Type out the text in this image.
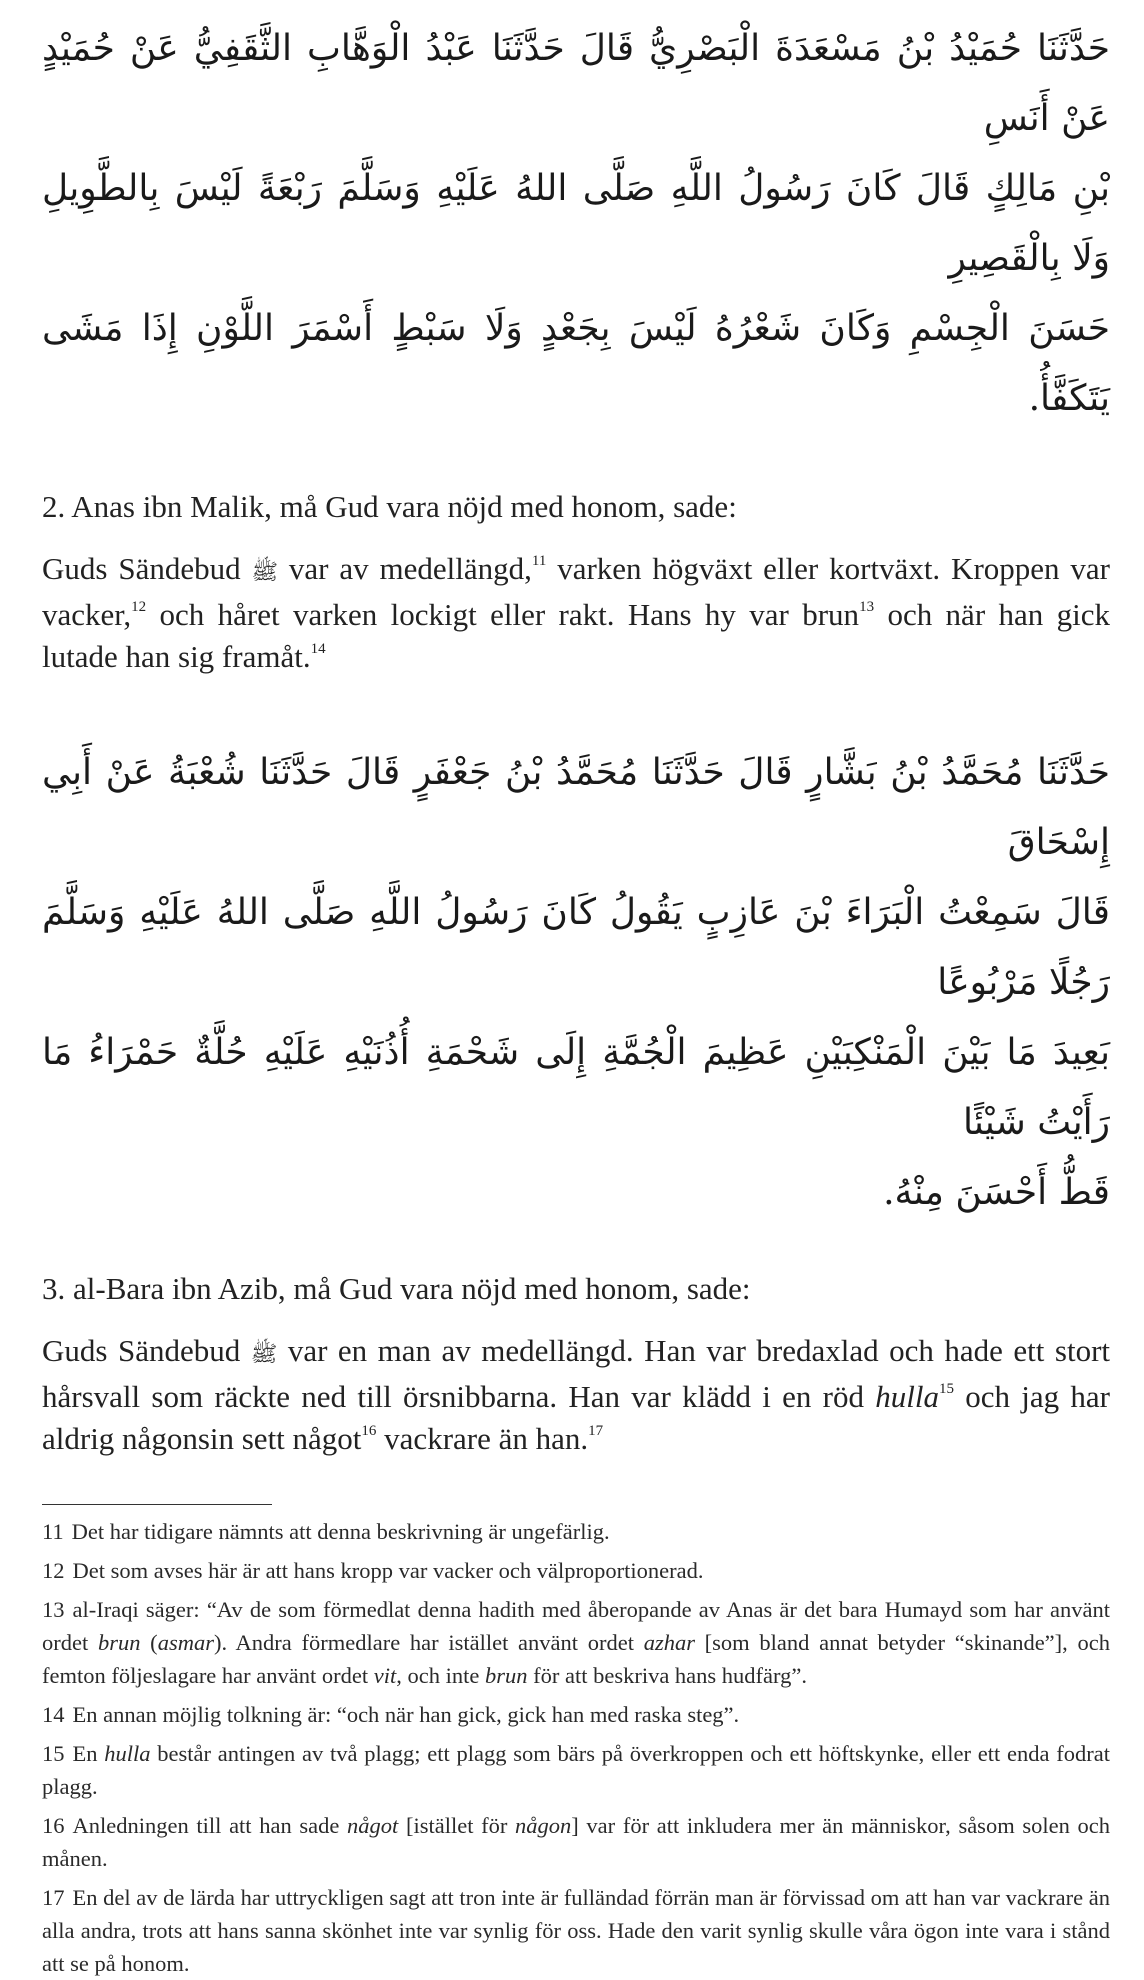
حَدَّثَنَا حُمَيْدُ بْنُ مَسْعَدَةَ الْبَصْرِيُّ قَالَ حَدَّثَنَا عَبْدُ الْوَهَّابِ الثَّقَفِيُّ عَنْ حُمَيْدٍ عَنْ أَنَسِ

بْنِ مَالِكٍ قَالَ كَانَ رَسُولُ اللَّهِ صَلَّى اللهُ عَلَيْهِ وَسَلَّمَ رَبْعَةً لَيْسَ بِالطَّوِيلِ وَلَا بِالْقَصِيرِ

حَسَنَ الْجِسْمِ وَكَانَ شَعْرُهُ لَيْسَ بِجَعْدٍ وَلَا سَبْطٍ أَسْمَرَ اللَّوْنِ إِذَا مَشَى يَتَكَفَّأُ.

2. Anas ibn Malik, må Gud vara nöjd med honom, sade:

Guds Sändebud ﷺ var av medellängd,$^{11}$ varken högväxt eller kortväxt. Kroppen var vacker,$^{12}$ och håret varken lockigt eller rakt. Hans hy var brun$^{13}$ och när han gick lutade han sig framåt.$^{14}$

حَدَّثَنَا مُحَمَّدُ بْنُ بَشَّارٍ قَالَ حَدَّثَنَا مُحَمَّدُ بْنُ جَعْفَرٍ قَالَ حَدَّثَنَا شُعْبَةُ عَنْ أَبِي إِسْحَاقَ

قَالَ سَمِعْتُ الْبَرَاءَ بْنَ عَازِبٍ يَقُولُ كَانَ رَسُولُ اللَّهِ صَلَّى اللهُ عَلَيْهِ وَسَلَّمَ رَجُلًا مَرْبُوعًا

بَعِيدَ مَا بَيْنَ الْمَنْكِبَيْنِ عَظِيمَ الْجُمَّةِ إِلَى شَحْمَةِ أُذُنَيْهِ عَلَيْهِ حُلَّةٌ حَمْرَاءُ مَا رَأَيْتُ شَيْئًا

قَطُّ أَحْسَنَ مِنْهُ.

3. al-Bara ibn Azib, må Gud vara nöjd med honom, sade:

Guds Sändebud ﷺ var en man av medellängd. Han var bredaxlad och hade ett stort hårsvall som räckte ned till örsnibbarna. Han var klädd i en röd hulla$^{15}$ och jag har aldrig någonsin sett något$^{16}$ vackrare än han.$^{17}$

11 Det har tidigare nämnts att denna beskrivning är ungefärlig.

12 Det som avses här är att hans kropp var vacker och välproportionerad.

13 al-Iraqi säger: “Av de som förmedlat denna hadith med åberopande av Anas är det bara Humayd som har använt ordet brun (asmar). Andra förmedlare har istället använt ordet azhar [som bland annat betyder “skinande”], och femton följeslagare har använt ordet vit, och inte brun för att beskriva hans hudfärg”.

14 En annan möjlig tolkning är: “och när han gick, gick han med raska steg”.

15 En hulla består antingen av två plagg; ett plagg som bärs på överkroppen och ett höftskynke, eller ett enda fodrat plagg.

16 Anledningen till att han sade något [istället för någon] var för att inkludera mer än människor, såsom solen och månen.

17 En del av de lärda har uttryckligen sagt att tron inte är fulländad förrän man är förvissad om att han var vackrare än alla andra, trots att hans sanna skönhet inte var synlig för oss. Hade den varit synlig skulle våra ögon inte vara i stånd att se på honom.
